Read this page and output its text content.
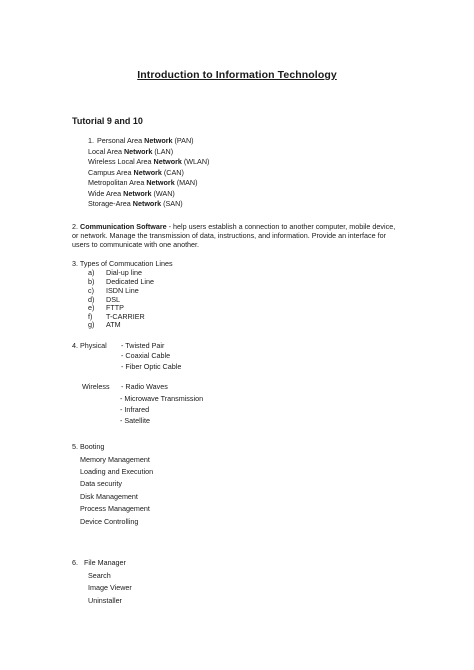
Introduction to Information Technology
Tutorial 9 and 10
1. Personal Area Network (PAN)
Local Area Network (LAN)
Wireless Local Area Network (WLAN)
Campus Area Network (CAN)
Metropolitan Area Network (MAN)
Wide Area Network (WAN)
Storage-Area Network (SAN)
2. Communication Software - help users establish a connection to another computer, mobile device,
or network. Manage the transmission of data, instructions, and information. Provide an interface for
users to communicate with one another.
3. Types of Commucation Lines
a) Dial-up line
b) Dedicated Line
c) ISDN Line
d) DSL
e) FTTP
f) T-CARRIER
g) ATM
4. Physical - Twisted Pair
- Coaxial Cable
- Fiber Optic Cable
Wireless - Radio Waves
- Microwave Transmission
- Infrared
- Satellite
5. Booting
Memory Management
Loading and Execution
Data security
Disk Management
Process Management
Device Controlling
6. File Manager
Search
Image Viewer
Uninstaller
